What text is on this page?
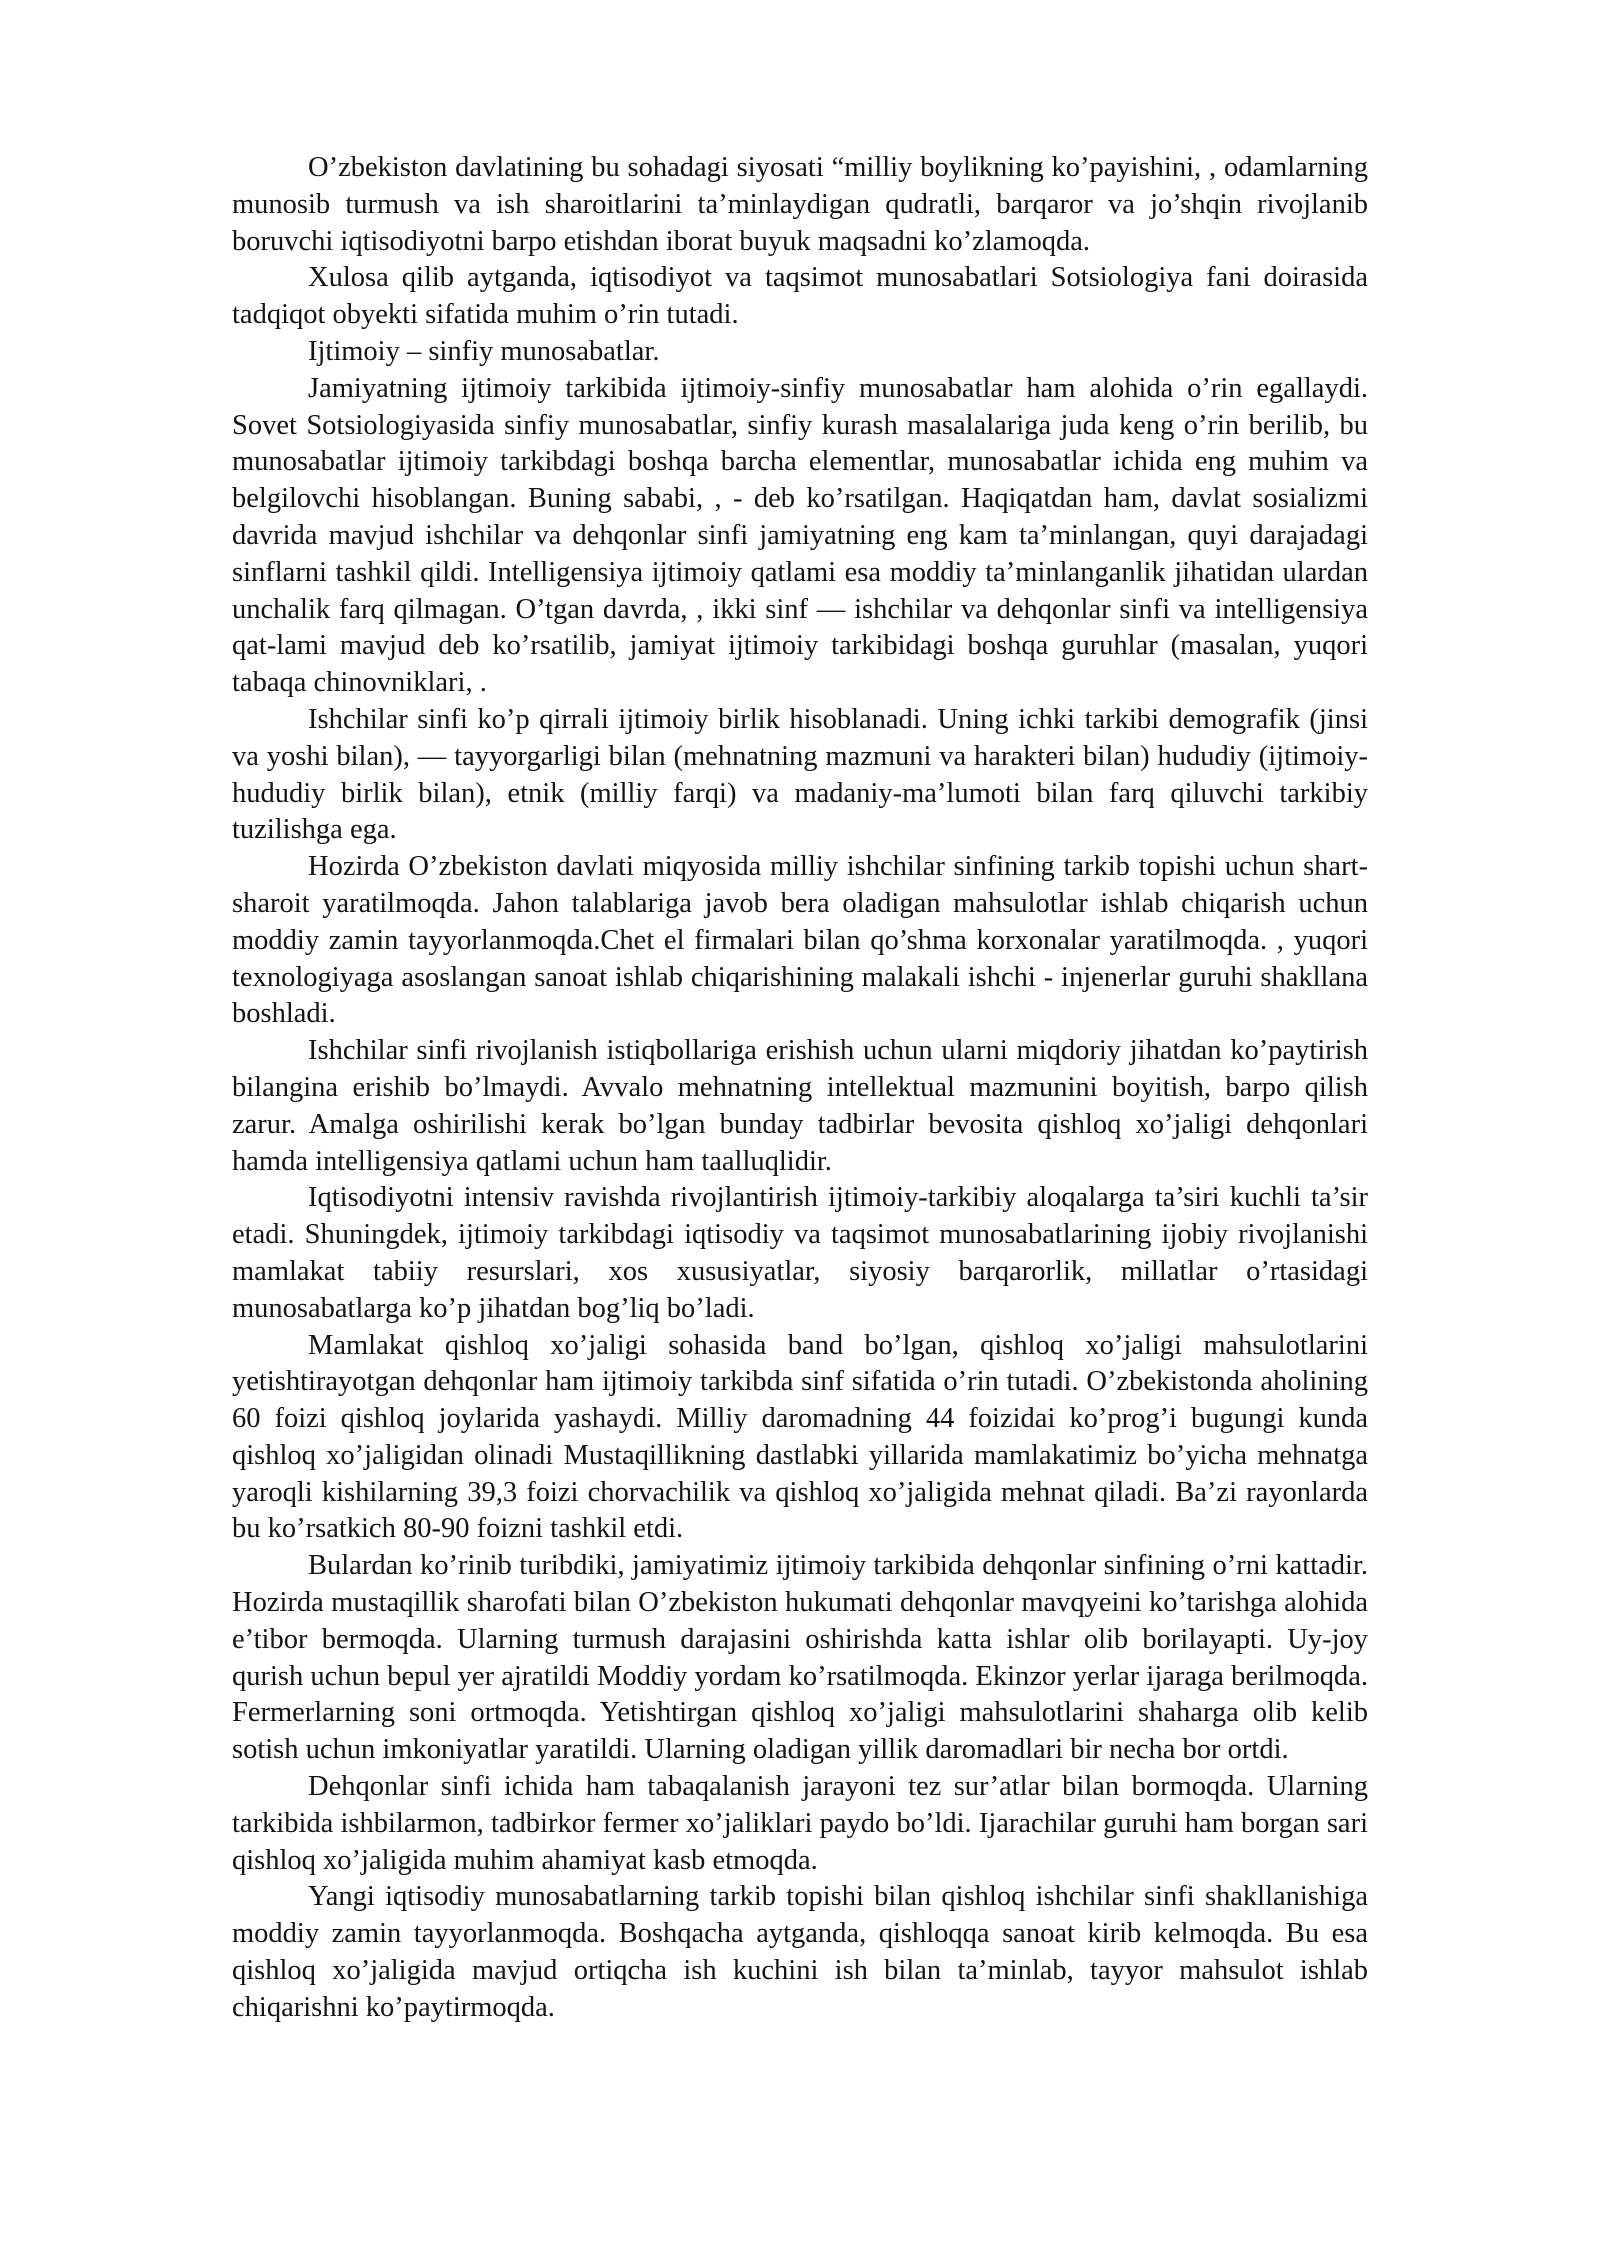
O’zbekiston davlatining bu sohadagi siyosati “milliy boylikning ko’payishini, , odamlarning munosib turmush va ish sharoitlarini ta’minlaydigan qudratli, barqaror va jo’shqin rivojlanib boruvchi iqtisodiyotni barpo etishdan iborat buyuk maqsadni ko’zlamoqda.

Xulosa qilib aytganda, iqtisodiyot va taqsimot munosabatlari Sotsiologiya fani doirasida tadqiqot obyekti sifatida muhim o’rin tutadi.

Ijtimoiy – sinfiy munosabatlar.

Jamiyatning ijtimoiy tarkibida ijtimoiy-sinfiy munosabatlar ham alohida o’rin egallaydi. Sovet Sotsiologiyasida sinfiy munosabatlar, sinfiy kurash masalalariga juda keng o’rin berilib, bu munosabatlar ijtimoiy tarkibdagi boshqa barcha elementlar, munosabatlar ichida eng muhim va belgilovchi hisoblangan. Buning sababi, , - deb ko’rsatilgan. Haqiqatdan ham, davlat sosializmi davrida mavjud ishchilar va dehqonlar sinfi jamiyatning eng kam ta’minlangan, quyi darajadagi sinflarni tashkil qildi. Intelligensiya ijtimoiy qatlami esa moddiy ta’minlanganlik jihatidan ulardan unchalik farq qilmagan. O’tgan davrda, , ikki sinf — ishchilar va dehqonlar sinfi va intelligensiya qat-lami mavjud deb ko’rsatilib, jamiyat ijtimoiy tarkibidagi boshqa guruhlar (masalan, yuqori tabaqa chinovniklari, .

Ishchilar sinfi ko’p qirrali ijtimoiy birlik hisoblanadi. Uning ichki tarkibi demografik (jinsi va yoshi bilan), — tayyorgarligi bilan (mehnatning mazmuni va harakteri bilan) hududiy (ijtimoiy-hududiy birlik bilan), etnik (milliy farqi) va madaniy-ma’lumoti bilan farq qiluvchi tarkibiy tuzilishga ega.

Hozirda O’zbekiston davlati miqyosida milliy ishchilar sinfining tarkib topishi uchun shart-sharoit yaratilmoqda. Jahon talablariga javob bera oladigan mahsulotlar ishlab chiqarish uchun moddiy zamin tayyorlanmoqda.Chet el firmalari bilan qo’shma korxonalar yaratilmoqda. , yuqori texnologiyaga asoslangan sanoat ishlab chiqarishining malakali ishchi - injenerlar guruhi shakllana boshladi.

Ishchilar sinfi rivojlanish istiqbollariga erishish uchun ularni miqdoriy jihatdan ko’paytirish bilangina erishib bo’lmaydi. Avvalo mehnatning intellektual mazmunini boyitish, barpo qilish zarur. Amalga oshirilishi kerak bo’lgan bunday tadbirlar bevosita qishloq xo’jaligi dehqonlari hamda intelligensiya qatlami uchun ham taalluqlidir.

Iqtisodiyotni intensiv ravishda rivojlantirish ijtimoiy-tarkibiy aloqalarga ta’siri kuchli ta’sir etadi. Shuningdek, ijtimoiy tarkibdagi iqtisodiy va taqsimot munosabatlarining ijobiy rivojlanishi mamlakat tabiiy resurslari, xos xususiyatlar, siyosiy barqarorlik, millatlar o’rtasidagi munosabatlarga ko’p jihatdan bog’liq bo’ladi.

Mamlakat qishloq xo’jaligi sohasida band bo’lgan, qishloq xo’jaligi mahsulotlarini yetishtirayotgan dehqonlar ham ijtimoiy tarkibda sinf sifatida o’rin tutadi. O’zbekistonda aholining 60 foizi qishloq joylarida yashaydi. Milliy daromadning 44 foizidai ko’prog’i bugungi kunda qishloq xo’jaligidan olinadi Mustaqillikning dastlabki yillarida mamlakatimiz bo’yicha mehnatga yaroqli kishilarning 39,3 foizi chorvachilik va qishloq xo’jaligida mehnat qiladi. Ba’zi rayonlarda bu ko’rsatkich 80-90 foizni tashkil etdi.

Bulardan ko’rinib turibdiki, jamiyatimiz ijtimoiy tarkibida dehqonlar sinfining o’rni kattadir. Hozirda mustaqillik sharofati bilan O’zbekiston hukumati dehqonlar mavqyeini ko’tarishga alohida e’tibor bermoqda. Ularning turmush darajasini oshirishda katta ishlar olib borilayapti. Uy-joy qurish uchun bepul yer ajratildi Moddiy yordam ko’rsatilmoqda. Ekinzor yerlar ijaraga berilmoqda. Fermerlarning soni ortmoqda. Yetishtirgan qishloq xo’jaligi mahsulotlarini shaharga olib kelib sotish uchun imkoniyatlar yaratildi. Ularning oladigan yillik daromadlari bir necha bor ortdi.

Dehqonlar sinfi ichida ham tabaqalanish jarayoni tez sur’atlar bilan bormoqda. Ularning tarkibida ishbilarmon, tadbirkor fermer xo’jaliklari paydo bo’ldi. Ijarachilar guruhi ham borgan sari qishloq xo’jaligida muhim ahamiyat kasb etmoqda.

Yangi iqtisodiy munosabatlarning tarkib topishi bilan qishloq ishchilar sinfi shakllanishiga moddiy zamin tayyorlanmoqda. Boshqacha aytganda, qishloqqa sanoat kirib kelmoqda. Bu esa qishloq xo’jaligida mavjud ortiqcha ish kuchini ish bilan ta’minlab, tayyor mahsulot ishlab chiqarishni ko’paytirmoqda.
